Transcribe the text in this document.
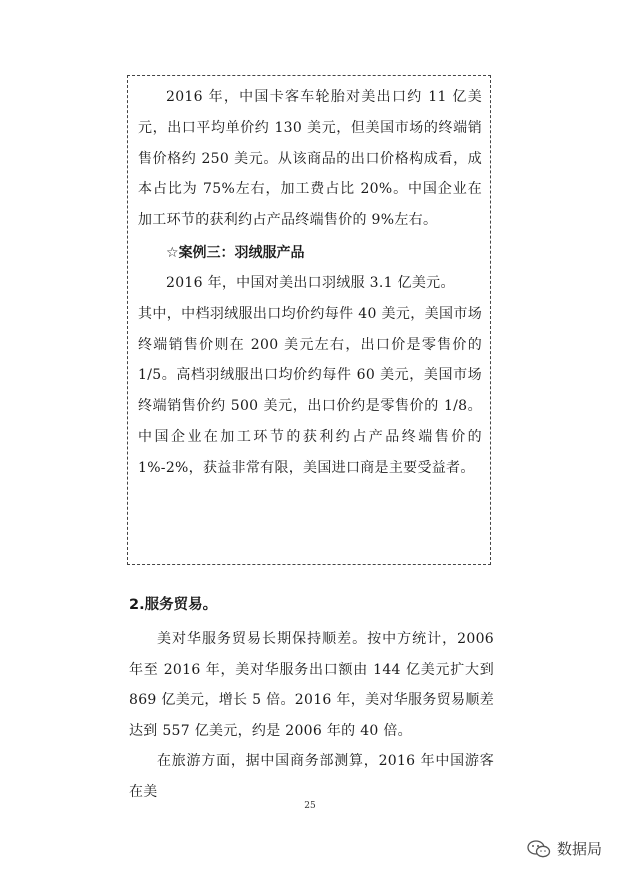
2016 年，中国卡客车轮胎对美出口约 11 亿美元，出口平均单价约 130 美元，但美国市场的终端销售价格约 250 美元。从该商品的出口价格构成看，成本占比为 75%左右，加工费占比 20%。中国企业在加工环节的获利约占产品终端售价的 9%左右。

☆案例三：羽绒服产品

2016 年，中国对美出口羽绒服 3.1 亿美元。

其中，中档羽绒服出口均价约每件 40 美元，美国市场终端销售价则在 200 美元左右，出口价是零售价的 1/5。高档羽绒服出口均价约每件 60 美元，美国市场终端销售价约 500 美元，出口价约是零售价的 1/8。中国企业在加工环节的获利约占产品终端售价的 1%-2%，获益非常有限，美国进口商是主要受益者。

2.服务贸易。

美对华服务贸易长期保持顺差。按中方统计，2006 年至 2016 年，美对华服务出口额由 144 亿美元扩大到 869 亿美元，增长 5 倍。2016 年，美对华服务贸易顺差达到 557 亿美元，约是 2006 年的 40 倍。

在旅游方面，据中国商务部测算，2016 年中国游客在美

25
数据局
